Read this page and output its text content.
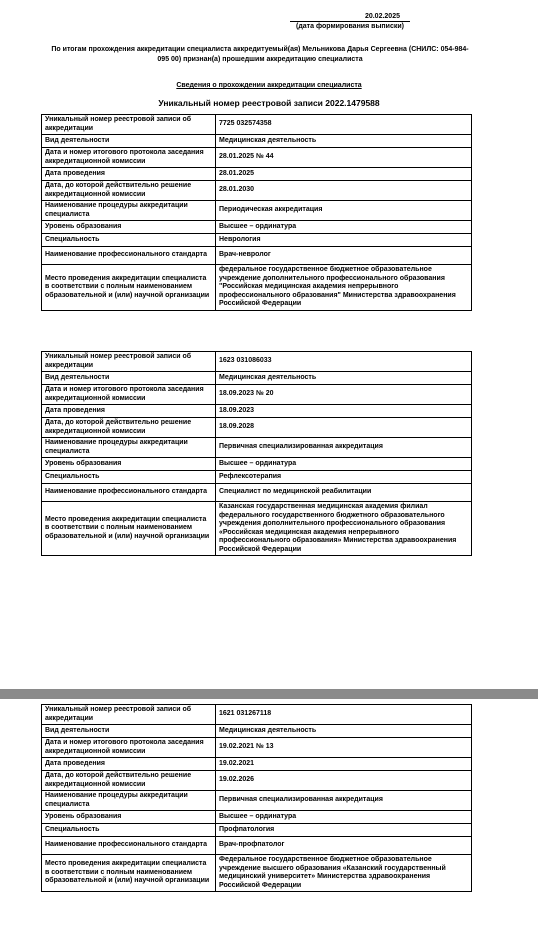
20.02.2025
(дата формирования выписки)
По итогам прохождения аккредитации специалиста аккредитуемый(ая) Мельникова Дарья Сергеевна (СНИЛС: 054-984-
095 00) признан(а) прошедшим аккредитацию специалиста
Сведения о прохождении аккредитации специалиста
Уникальный номер реестровой записи 2022.1479588
Уникальный номер реестровой записи об аккредитации	7725 032574358
Вид деятельности	Медицинская деятельность
Дата и номер итогового протокола заседания аккредитационной комиссии	28.01.2025 № 44
Дата проведения	28.01.2025
Дата, до которой действительно решение аккредитационной комиссии	28.01.2030
Наименование процедуры аккредитации специалиста	Периодическая аккредитация
Уровень образования	Высшее – ординатура
Специальность	Неврология
Наименование профессионального стандарта	Врач-невролог
Место проведения аккредитации специалиста в соответствии с полным наименованием образовательной и (или) научной организации	федеральное государственное бюджетное образовательное учреждение дополнительного профессионального образования "Российская медицинская академия непрерывного профессионального образования" Министерства здравоохранения Российской Федерации
Уникальный номер реестровой записи об аккредитации	1623 031086033
Вид деятельности	Медицинская деятельность
Дата и номер итогового протокола заседания аккредитационной комиссии	18.09.2023 № 20
Дата проведения	18.09.2023
Дата, до которой действительно решение аккредитационной комиссии	18.09.2028
Наименование процедуры аккредитации специалиста	Первичная специализированная аккредитация
Уровень образования	Высшее – ординатура
Специальность	Рефлексотерапия
Наименование профессионального стандарта	Специалист по медицинской реабилитации
Место проведения аккредитации специалиста в соответствии с полным наименованием образовательной и (или) научной организации	Казанская государственная медицинская академия филиал федерального государственного бюджетного образовательного учреждения дополнительного профессионального образования «Российская медицинская академия непрерывного профессионального образования» Министерства здравоохранения Российской Федерации
Уникальный номер реестровой записи об аккредитации	1621 031267118
Вид деятельности	Медицинская деятельность
Дата и номер итогового протокола заседания аккредитационной комиссии	19.02.2021 № 13
Дата проведения	19.02.2021
Дата, до которой действительно решение аккредитационной комиссии	19.02.2026
Наименование процедуры аккредитации специалиста	Первичная специализированная аккредитация
Уровень образования	Высшее – ординатура
Специальность	Профпатология
Наименование профессионального стандарта	Врач-профпатолог
Место проведения аккредитации специалиста в соответствии с полным наименованием образовательной и (или) научной организации	Федеральное государственное бюджетное образовательное учреждение высшего образования «Казанский государственный медицинский университет» Министерства здравоохранения Российской Федерации
